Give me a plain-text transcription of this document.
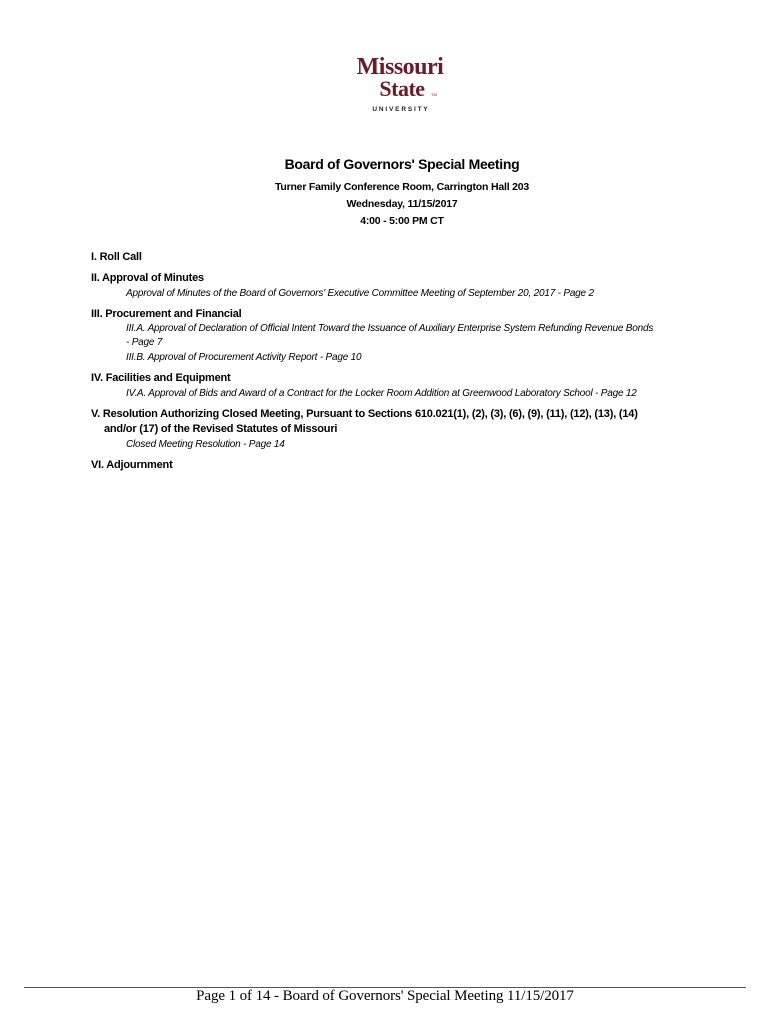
Missouri
State TM
U N I V E R S I T Y
Board of Governors' Special Meeting
Turner Family Conference Room, Carrington Hall 203
Wednesday, 11/15/2017
4:00 - 5:00 PM CT
I. Roll Call
II. Approval of Minutes
Approval of Minutes of the Board of Governors' Executive Committee Meeting of September 20, 2017 - Page 2
III. Procurement and Financial
III.A. Approval of Declaration of Official Intent Toward the Issuance of Auxiliary Enterprise System Refunding Revenue Bonds
- Page 7
III.B. Approval of Procurement Activity Report - Page 10
IV. Facilities and Equipment
IV.A. Approval of Bids and Award of a Contract for the Locker Room Addition at Greenwood Laboratory School - Page 12
V. Resolution Authorizing Closed Meeting, Pursuant to Sections 610.021(1), (2), (3), (6), (9), (11), (12), (13), (14)
and/or (17) of the Revised Statutes of Missouri
Closed Meeting Resolution - Page 14
VI. Adjournment
Page 1 of 14 - Board of Governors' Special Meeting 11/15/2017
